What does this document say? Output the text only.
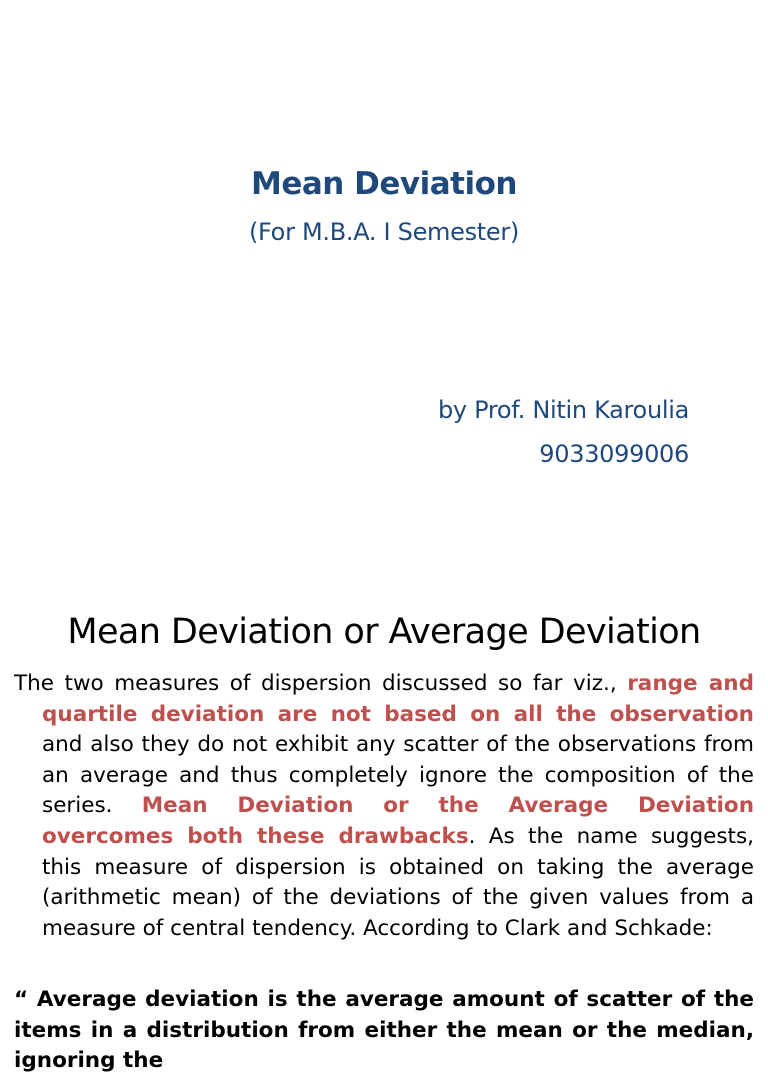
Mean Deviation
(For M.B.A. I Semester)
by Prof. Nitin Karoulia
9033099006
Mean Deviation or Average Deviation
The two measures of dispersion discussed so far viz., range and quartile deviation are not based on all the observation and also they do not exhibit any scatter of the observations from an average and thus completely ignore the composition of the series. Mean Deviation or the Average Deviation overcomes both these drawbacks. As the name suggests, this measure of dispersion is obtained on taking the average (arithmetic mean) of the deviations of the given values from a measure of central tendency. According to Clark and Schkade:
“ Average deviation is the average amount of scatter of the items in a distribution from either the mean or the median, ignoring the
